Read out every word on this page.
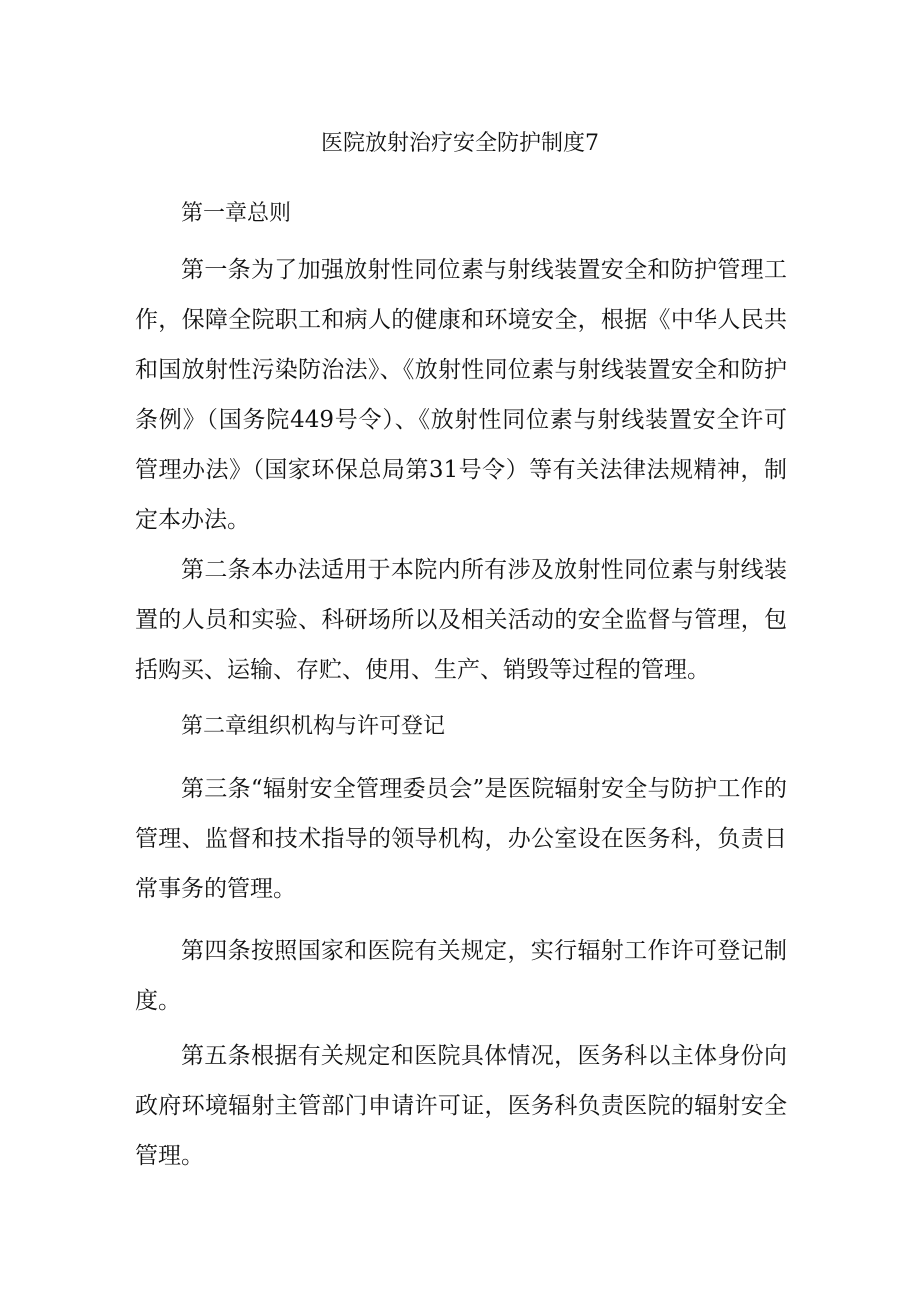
医院放射治疗安全防护制度7
第一章总则
第一条为了加强放射性同位素与射线装置安全和防护管理工作，保障全院职工和病人的健康和环境安全，根据《中华人民共和国放射性污染防治法》、《放射性同位素与射线装置安全和防护条例》（国务院449号令）、《放射性同位素与射线装置安全许可管理办法》（国家环保总局第31号令）等有关法律法规精神，制定本办法。
第二条本办法适用于本院内所有涉及放射性同位素与射线装置的人员和实验、科研场所以及相关活动的安全监督与管理，包括购买、运输、存贮、使用、生产、销毁等过程的管理。
第二章组织机构与许可登记
第三条“辐射安全管理委员会”是医院辐射安全与防护工作的管理、监督和技术指导的领导机构，办公室设在医务科，负责日常事务的管理。
第四条按照国家和医院有关规定，实行辐射工作许可登记制度。
第五条根据有关规定和医院具体情况，医务科以主体身份向政府环境辐射主管部门申请许可证，医务科负责医院的辐射安全管理。
